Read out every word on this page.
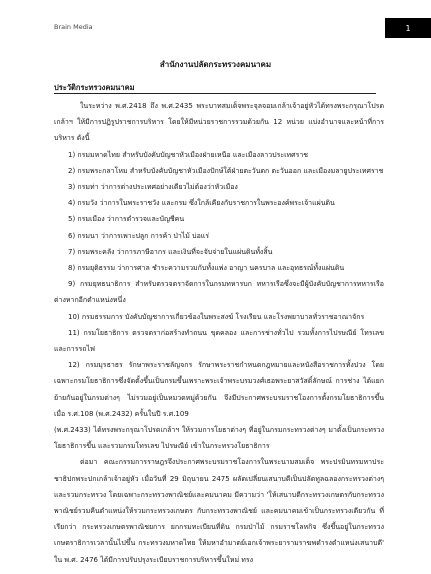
Brain Media	1
สำนักงานปลัดกระทรวงคมนาคม
ประวัติกระทรวงคมนาคม

ในระหว่าง พ.ศ.2418 ถึง พ.ศ.2435 พระบาทสมเด็จพระจุลจอมเกล้าเจ้าอยู่หัวได้ทรงพระกรุณาโปรดเกล้าฯ ให้มีการปฏิรูปราชการบริหาร โดยให้มีหน่วยราชการรวมด้วยกัน 12 หน่วย แบ่งอำนาจและหน้าที่การบริหาร ดังนี้

1) กรมมหาดไทย สำหรับบังคับบัญชาหัวเมืองฝ่ายเหนือ และเมืองลาวประเทศราช

2) กรมพระกลาโหม สำหรับบังคับบัญชาหัวเมืองปักษ์ใต้ฝ่ายตะวันตก ตะวันออก และเมืองมลายูประเทศราช

3) กรมท่า ว่าการต่างประเทศอย่างเดียวไม่ต้องว่าหัวเมือง

4) กรมวัง ว่าการในพระราชวัง และกรม ซึ่งใกล้เคียงกับราชการในพระองค์พระเจ้าแผ่นดิน

5) กรมเมือง ว่าการตำรวจและบัญชีคน

6) กรมนา ว่าการเพาะปลูก การค้า ป่าไม้ บ่อแร่

7) กรมพระคลัง ว่าการภาษีอากร และเงินที่จะจับจ่ายในแผ่นดินทั้งสิ้น

8) กรมยุติธรรม ว่าการศาล ชำระความรวมกับทั้งแพ่ง อาญา นครบาล และอุทธรณ์ทั้งแผ่นดิน

9) กรมยุทธนาธิการ สำหรับตรวจตราจัดการในกรมทหารบก ทหารเรือซึ่งจะมีผู้บังคับบัญชาการทหารเรือต่างหากอีกตำแหน่งหนึ่ง

10) กรมธรรมการ บังคับบัญชาการเกี่ยวข้องในพระสงฆ์ โรงเรียน และโรงพยาบาลทั่วราชอาณาจักร

11) กรมโยธาธิการ ตรวจตราก่อสร้างทำถนน ขุดคลอง และการช่างทั่วไป รวมทั้งการไปรษณีย์ โทรเลข และการรถไฟ

12) กรมมุรธาธร รักษาพระราชลัญจกร รักษาพระราชกำหนดกฎหมายและหนังสือราชการทั้งปวง โดยเฉพาะกรมโยธาธิการซึ่งจัดตั้งขึ้นเป็นกรมขึ้นเพราะพระเจ้าพระบรมวงศ์เธอพระยาสวัสดิ์ลักษณ์ การช่าง ได้แยกย้ายกันอยู่ในกรมต่างๆ ไม่รวมอยู่เป็นหมวดหมู่ด้วยกัน จึงมีประกาศพระบรมราชโองการตั้งกรมโยธาธิการขึ้น เมื่อ ร.ศ.108 (พ.ศ.2432) ครั้นในปี ร.ศ.109

(พ.ศ.2433) ได้ทรงพระกรุณาโปรดเกล้าฯ ให้รวมการโยธาต่างๆ ที่อยู่ในกรมกระทรวงต่างๆ มาตั้งเป็นกระทรวงโยธาธิการขึ้น และรวมกรมโทรเลข ไปรษณีย์ เข้าในกระทรวงโยธาธิการ

ต่อมา คณะกรรมการราษฎรจึงประกาศพระบรมราชโองการในพระนามสมเด็จ พระปรมินทรมหาประ ชาธิปกพระปกเกล้าเจ้าอยู่หัว เมื่อวันที่ 29 มิถุนายน 2475 ผลัดเปลี่ยนเสนาบดีเป็นปลัดทูลฉลองกระทรวงต่างๆ และรวมกระทรวง โดยเฉพาะกระทรวงพาณิชย์และคมนาคม มีความว่า 'ให้เสนาบดีกระทรวงเกษตรกับกระทรวงพาณิชย์รวมคืนตำแหน่งให้รวมกระทรวงเกษตร กับกระทรวงพาณิชย์ และคมนาคมเข้าเป็นกระทรวงเดียวกัน ที่เรียกว่า กระทรวงเกษตรพาณิชยการ ยกกรมทะเบียนที่ดิน กรมป่าไม้ กรมราชโลหกิจ ซึ่งขึ้นอยู่ในกระทรวงเกษตราธิการเวลานั้นไปขึ้น กระทรวงมหาดไทย ให้มหาอำมาตย์เอกเจ้าพระยารามราฆพดำรงตำแหน่งเสนาบดี' ใน พ.ศ. 2476 ได้มีการปรับปรุงระเบียบราชการบริหารขึ้นใหม่ ทรง
